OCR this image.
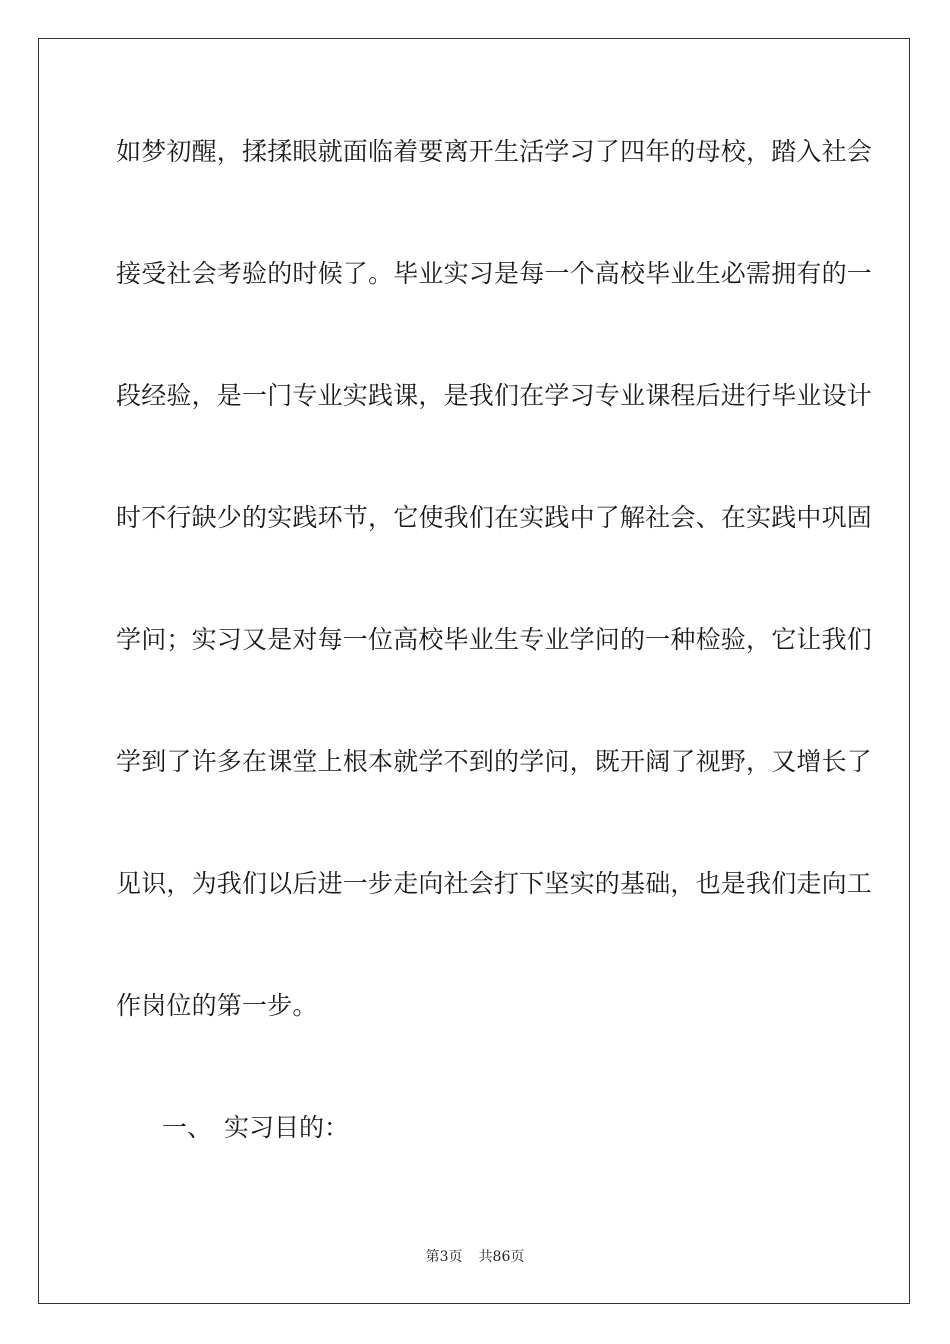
如梦初醒，揉揉眼就面临着要离开生活学习了四年的母校，踏入社会
接受社会考验的时候了。毕业实习是每一个高校毕业生必需拥有的一
段经验，是一门专业实践课，是我们在学习专业课程后进行毕业设计
时不行缺少的实践环节，它使我们在实践中了解社会、在实践中巩固
学问；实习又是对每一位高校毕业生专业学问的一种检验，它让我们
学到了许多在课堂上根本就学不到的学问，既开阔了视野，又增长了
见识，为我们以后进一步走向社会打下坚实的基础，也是我们走向工
作岗位的第一步。
一、 实习目的：
第3页 共86页
